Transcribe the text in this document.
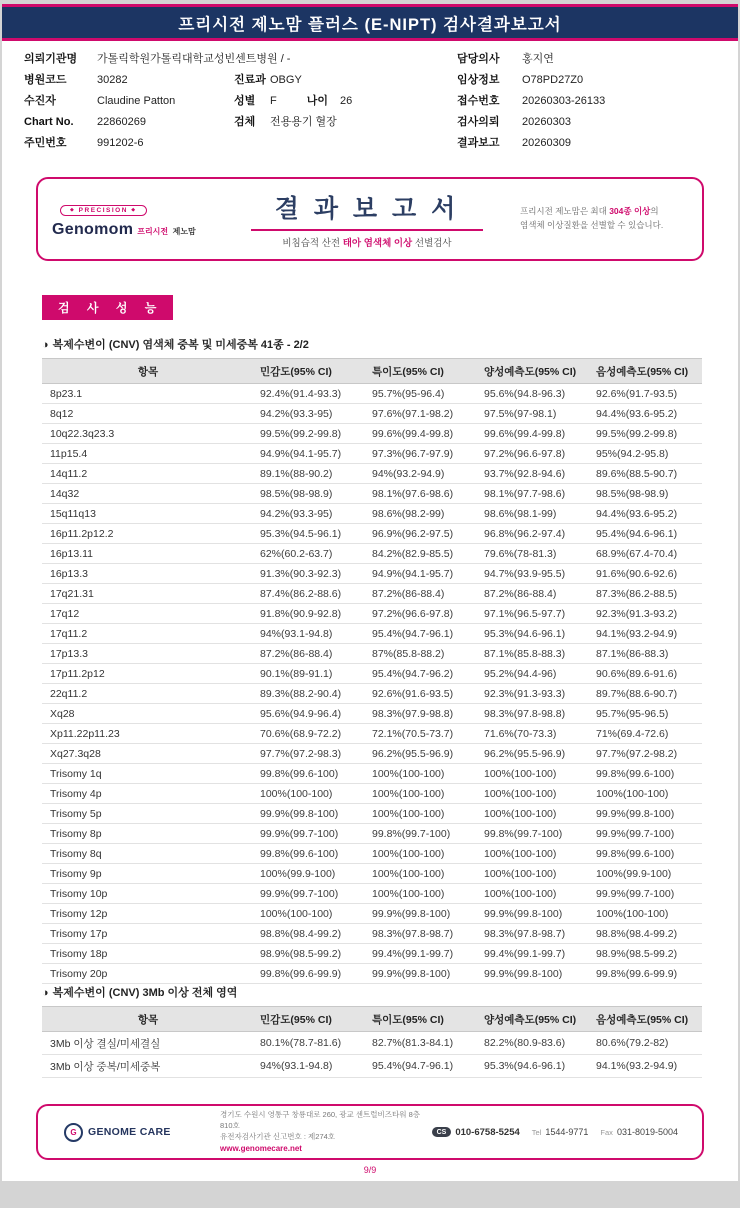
프리시전 제노맘 플러스 (E-NIPT) 검사결과보고서
의뢰기관명	가톨릭학원가톨릭대학교성빈센트병원 / -	담당의사	홍지연
병원코드	30282	진료과 OBGY	임상정보	O78PD27Z0
수진자	Claudine Patton	성별	F	나이 26	접수번호	20260303-26133
Chart No.	22860269	검체	전용용기 혈장	검사의뢰	20260303
주민번호	991202-6	결과보고	20260309
◆ PRECISION ◆
Genomom 프리시전 제노맘
결 과 보 고 서
비침습적 산전 태아 염색체 이상 선별검사
프리시전 제노맘은 최대 304종 이상의
염색체 이상질환을 선별할 수 있습니다.
검 사 성 능
◑ 복제수변이 (CNV) 염색체 중복 및 미세중복 41종 - 2/2
항목	민감도(95% CI)	특이도(95% CI)	양성예측도(95% CI)	음성예측도(95% CI)
8p23.1	92.4%(91.4-93.3)	95.7%(95-96.4)	95.6%(94.8-96.3)	92.6%(91.7-93.5)
8q12	94.2%(93.3-95)	97.6%(97.1-98.2)	97.5%(97-98.1)	94.4%(93.6-95.2)
10q22.3q23.3	99.5%(99.2-99.8)	99.6%(99.4-99.8)	99.6%(99.4-99.8)	99.5%(99.2-99.8)
11p15.4	94.9%(94.1-95.7)	97.3%(96.7-97.9)	97.2%(96.6-97.8)	95%(94.2-95.8)
14q11.2	89.1%(88-90.2)	94%(93.2-94.9)	93.7%(92.8-94.6)	89.6%(88.5-90.7)
14q32	98.5%(98-98.9)	98.1%(97.6-98.6)	98.1%(97.7-98.6)	98.5%(98-98.9)
15q11q13	94.2%(93.3-95)	98.6%(98.2-99)	98.6%(98.1-99)	94.4%(93.6-95.2)
16p11.2p12.2	95.3%(94.5-96.1)	96.9%(96.2-97.5)	96.8%(96.2-97.4)	95.4%(94.6-96.1)
16p13.11	62%(60.2-63.7)	84.2%(82.9-85.5)	79.6%(78-81.3)	68.9%(67.4-70.4)
16p13.3	91.3%(90.3-92.3)	94.9%(94.1-95.7)	94.7%(93.9-95.5)	91.6%(90.6-92.6)
17q21.31	87.4%(86.2-88.6)	87.2%(86-88.4)	87.2%(86-88.4)	87.3%(86.2-88.5)
17q12	91.8%(90.9-92.8)	97.2%(96.6-97.8)	97.1%(96.5-97.7)	92.3%(91.3-93.2)
17q11.2	94%(93.1-94.8)	95.4%(94.7-96.1)	95.3%(94.6-96.1)	94.1%(93.2-94.9)
17p13.3	87.2%(86-88.4)	87%(85.8-88.2)	87.1%(85.8-88.3)	87.1%(86-88.3)
17p11.2p12	90.1%(89-91.1)	95.4%(94.7-96.2)	95.2%(94.4-96)	90.6%(89.6-91.6)
22q11.2	89.3%(88.2-90.4)	92.6%(91.6-93.5)	92.3%(91.3-93.3)	89.7%(88.6-90.7)
Xq28	95.6%(94.9-96.4)	98.3%(97.9-98.8)	98.3%(97.8-98.8)	95.7%(95-96.5)
Xp11.22p11.23	70.6%(68.9-72.2)	72.1%(70.5-73.7)	71.6%(70-73.3)	71%(69.4-72.6)
Xq27.3q28	97.7%(97.2-98.3)	96.2%(95.5-96.9)	96.2%(95.5-96.9)	97.7%(97.2-98.2)
Trisomy 1q	99.8%(99.6-100)	100%(100-100)	100%(100-100)	99.8%(99.6-100)
Trisomy 4p	100%(100-100)	100%(100-100)	100%(100-100)	100%(100-100)
Trisomy 5p	99.9%(99.8-100)	100%(100-100)	100%(100-100)	99.9%(99.8-100)
Trisomy 8p	99.9%(99.7-100)	99.8%(99.7-100)	99.8%(99.7-100)	99.9%(99.7-100)
Trisomy 8q	99.8%(99.6-100)	100%(100-100)	100%(100-100)	99.8%(99.6-100)
Trisomy 9p	100%(99.9-100)	100%(100-100)	100%(100-100)	100%(99.9-100)
Trisomy 10p	99.9%(99.7-100)	100%(100-100)	100%(100-100)	99.9%(99.7-100)
Trisomy 12p	100%(100-100)	99.9%(99.8-100)	99.9%(99.8-100)	100%(100-100)
Trisomy 17p	98.8%(98.4-99.2)	98.3%(97.8-98.7)	98.3%(97.8-98.7)	98.8%(98.4-99.2)
Trisomy 18p	98.9%(98.5-99.2)	99.4%(99.1-99.7)	99.4%(99.1-99.7)	98.9%(98.5-99.2)
Trisomy 20p	99.8%(99.6-99.9)	99.9%(99.8-100)	99.9%(99.8-100)	99.8%(99.6-99.9)
◑ 복제수변이 (CNV) 3Mb 이상 전체 영역
항목	민감도(95% CI)	특이도(95% CI)	양성예측도(95% CI)	음성예측도(95% CI)
3Mb 이상 결실/미세결실	80.1%(78.7-81.6)	82.7%(81.3-84.1)	82.2%(80.9-83.6)	80.6%(79.2-82)
3Mb 이상 중복/미세중복	94%(93.1-94.8)	95.4%(94.7-96.1)	95.3%(94.6-96.1)	94.1%(93.2-94.9)
G	GENOME CARE
경기도 수원시 영통구 창룡대로 260, 광교 센트럴비즈타워 8층 810호
유전자검사기관 신고번호 : 제274호
www.genomecare.net
CS 010-6758-5254 Tel 1544-9771 Fax 031-8019-5004
9/9
